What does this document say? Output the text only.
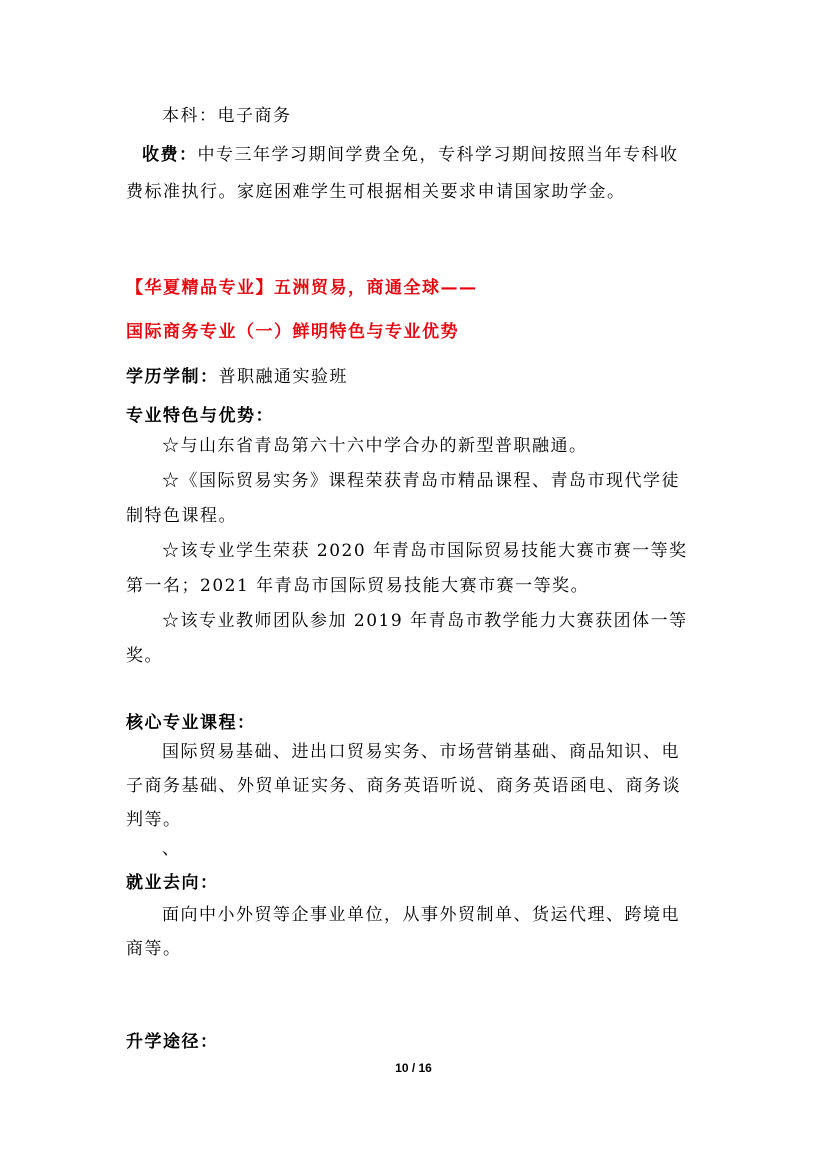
本科：电子商务
收费：中专三年学习期间学费全免，专科学习期间按照当年专科收
费标准执行。家庭困难学生可根据相关要求申请国家助学金。
【华夏精品专业】五洲贸易，商通全球——
国际商务专业（一）鲜明特色与专业优势
学历学制：普职融通实验班
专业特色与优势：
☆与山东省青岛第六十六中学合办的新型普职融通。
☆《国际贸易实务》课程荣获青岛市精品课程、青岛市现代学徒
制特色课程。
☆该专业学生荣获 2020 年青岛市国际贸易技能大赛市赛一等奖
第一名；2021 年青岛市国际贸易技能大赛市赛一等奖。
☆该专业教师团队参加 2019 年青岛市教学能力大赛获团体一等
奖。
核心专业课程：
国际贸易基础、进出口贸易实务、市场营销基础、商品知识、电
子商务基础、外贸单证实务、商务英语听说、商务英语函电、商务谈
判等。
、
就业去向：
面向中小外贸等企事业单位，从事外贸制单、货运代理、跨境电
商等。
升学途径：
10 / 16
